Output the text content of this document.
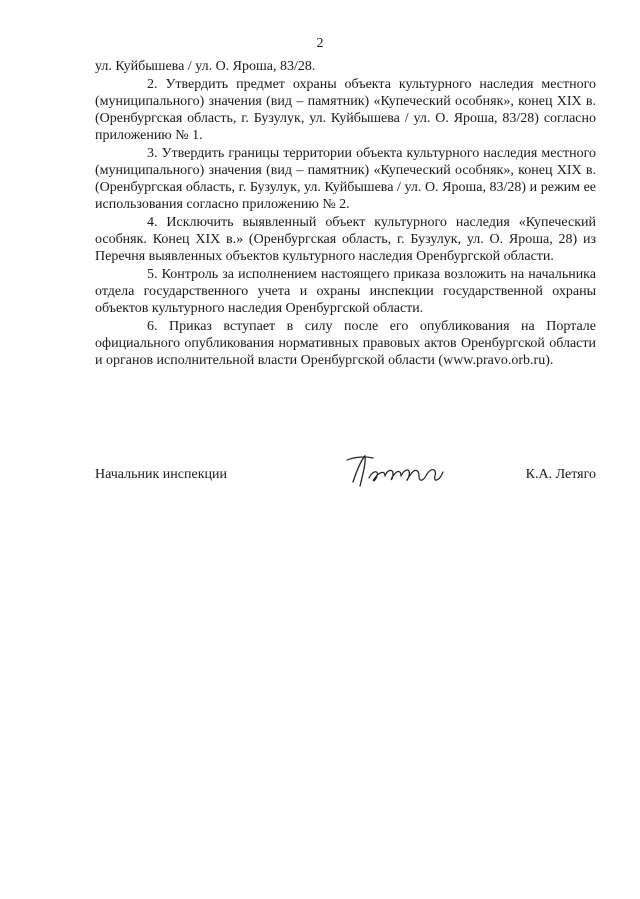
2

ул. Куйбышева / ул. О. Яроша, 83/28.

2. Утвердить предмет охраны объекта культурного наследия местного (муниципального) значения (вид – памятник) «Купеческий особняк», конец XIX в. (Оренбургская область, г. Бузулук, ул. Куйбышева / ул. О. Яроша, 83/28) согласно приложению № 1.

3. Утвердить границы территории объекта культурного наследия местного (муниципального) значения (вид – памятник) «Купеческий особняк», конец XIX в. (Оренбургская область, г. Бузулук, ул. Куйбышева / ул. О. Яроша, 83/28) и режим ее использования согласно приложению № 2.

4. Исключить выявленный объект культурного наследия «Купеческий особняк. Конец XIX в.» (Оренбургская область, г. Бузулук, ул. О. Яроша, 28) из Перечня выявленных объектов культурного наследия Оренбургской области.

5. Контроль за исполнением настоящего приказа возложить на начальника отдела государственного учета и охраны инспекции государственной охраны объектов культурного наследия Оренбургской области.

6. Приказ вступает в силу после его опубликования на Портале официального опубликования нормативных правовых актов Оренбургской области и органов исполнительной власти Оренбургской области (www.pravo.orb.ru).

Начальник инспекции	К.А. Летяго
